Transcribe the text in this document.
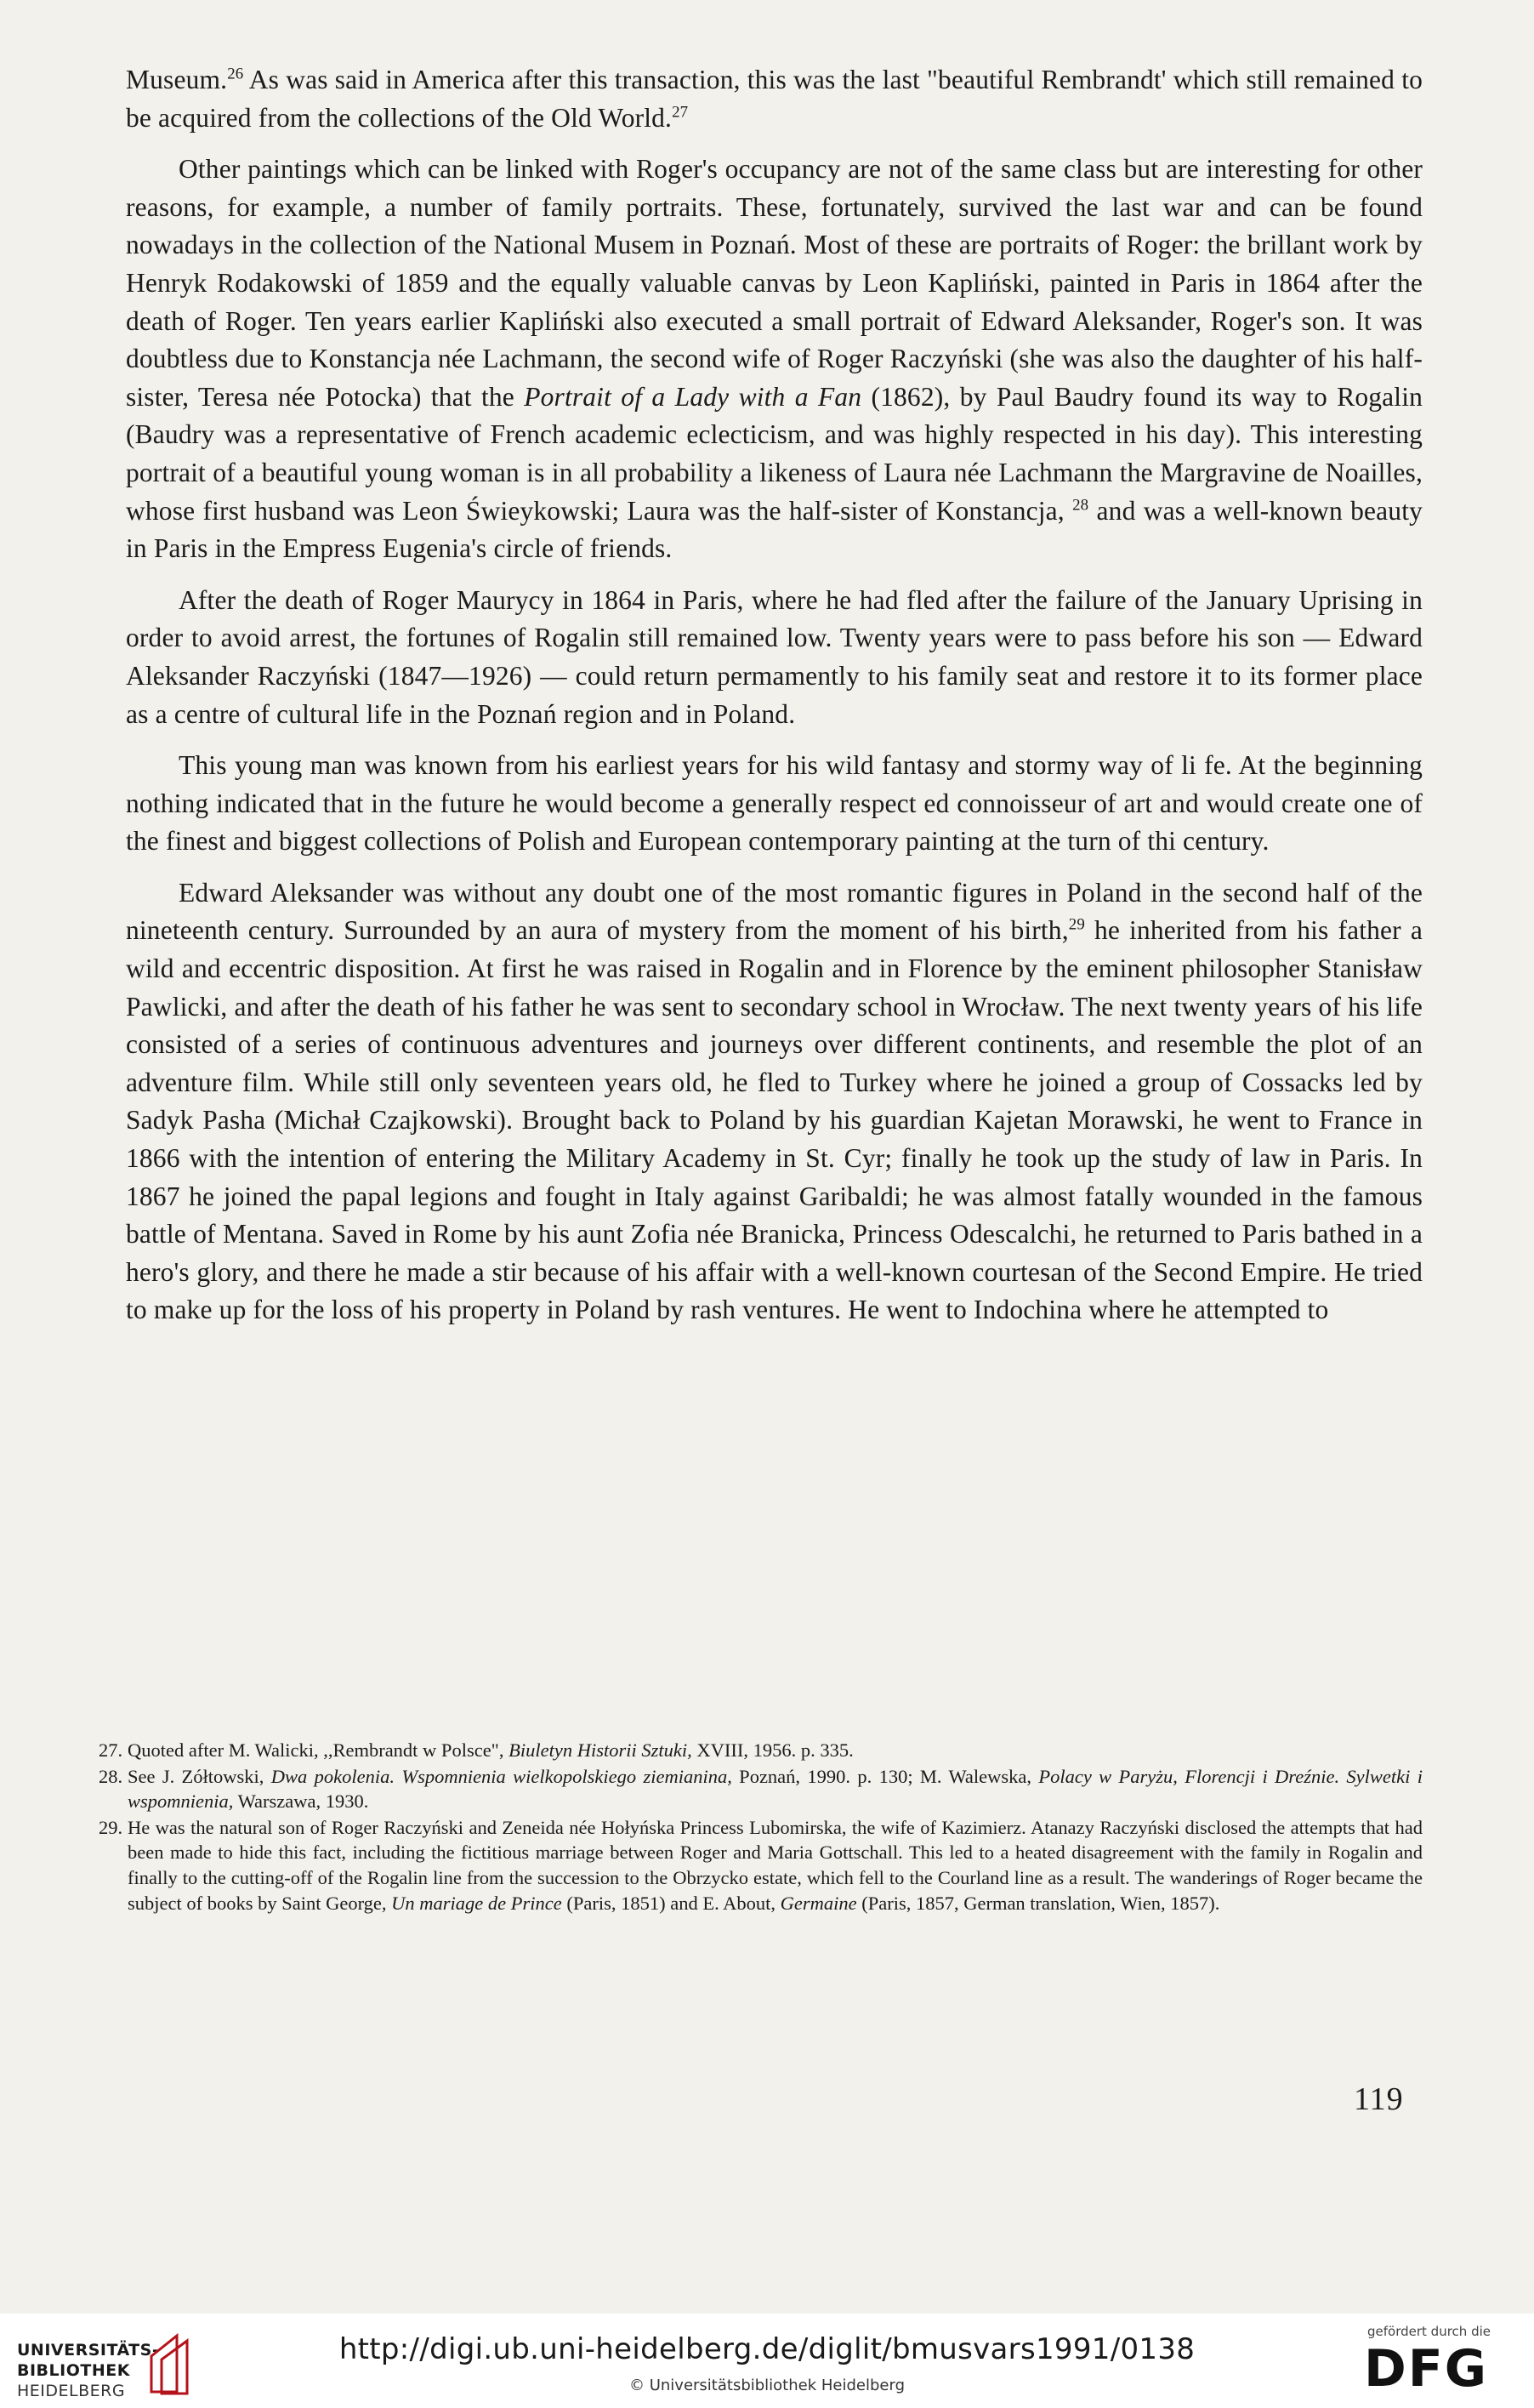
Museum.$^{26}$ As was said in America after this transaction, this was the last "beautiful Rembrandt' which still remained to be acquired from the collections of the Old World.$^{27}$

Other paintings which can be linked with Roger's occupancy are not of the same class but are interesting for other reasons, for example, a number of family portraits. These, fortunately, survived the last war and can be found nowadays in the collection of the National Musem in Poznań. Most of these are portraits of Roger: the brillant work by Henryk Rodakowski of 1859 and the equally valuable canvas by Leon Kapliński, painted in Paris in 1864 after the death of Roger. Ten years earlier Kapliński also executed a small portrait of Edward Aleksander, Roger's son. It was doubtless due to Konstancja née Lachmann, the second wife of Roger Raczyński (she was also the daughter of his half-sister, Teresa née Potocka) that the Portrait of a Lady with a Fan (1862), by Paul Baudry found its way to Rogalin (Baudry was a representative of French academic eclecticism, and was highly respected in his day). This interesting portrait of a beautiful young woman is in all probability a likeness of Laura née Lachmann the Margravine de Noailles, whose first husband was Leon Świeykowski; Laura was the half-sister of Konstancja, $^{28}$ and was a well-known beauty in Paris in the Empress Eugenia's circle of friends.

After the death of Roger Maurycy in 1864 in Paris, where he had fled after the failure of the January Uprising in order to avoid arrest, the fortunes of Rogalin still remained low. Twenty years were to pass before his son — Edward Aleksander Raczyński (1847—1926) — could return permamently to his family seat and restore it to its former place as a centre of cultural life in the Poznań region and in Poland.

This young man was known from his earliest years for his wild fantasy and stormy way of li fe. At the beginning nothing indicated that in the future he would become a generally respect ed connoisseur of art and would create one of the finest and biggest collections of Polish and European contemporary painting at the turn of thi century.

Edward Aleksander was without any doubt one of the most romantic figures in Poland in the second half of the nineteenth century. Surrounded by an aura of mystery from the moment of his birth,$^{29}$ he inherited from his father a wild and eccentric disposition. At first he was raised in Rogalin and in Florence by the eminent philosopher Stanisław Pawlicki, and after the death of his father he was sent to secondary school in Wrocław. The next twenty years of his life consisted of a series of continuous adventures and journeys over different continents, and resemble the plot of an adventure film. While still only seventeen years old, he fled to Turkey where he joined a group of Cossacks led by Sadyk Pasha (Michał Czajkowski). Brought back to Poland by his guardian Kajetan Morawski, he went to France in 1866 with the intention of entering the Military Academy in St. Cyr; finally he took up the study of law in Paris. In 1867 he joined the papal legions and fought in Italy against Garibaldi; he was almost fatally wounded in the famous battle of Mentana. Saved in Rome by his aunt Zofia née Branicka, Princess Odescalchi, he returned to Paris bathed in a hero's glory, and there he made a stir because of his affair with a well-known courtesan of the Second Empire. He tried to make up for the loss of his property in Poland by rash ventures. He went to Indochina where he attempted to

27. Quoted after M. Walicki, ,,Rembrandt w Polsce", Biuletyn Historii Sztuki, XVIII, 1956. p. 335.
28. See J. Zółtowski, Dwa pokolenia. Wspomnienia wielkopolskiego ziemianina, Poznań, 1990. p. 130; M. Walewska, Polacy w Paryżu, Florencji i Dreźnie. Sylwetki i wspomnienia, Warszawa, 1930.
29. He was the natural son of Roger Raczyński and Zeneida née Hołyńska Princess Lubomirska, the wife of Kazimierz. Atanazy Raczyński disclosed the attempts that had been made to hide this fact, including the fictitious marriage between Roger and Maria Gottschall. This led to a heated disagreement with the family in Rogalin and finally to the cutting-off of the Rogalin line from the succession to the Obrzycko estate, which fell to the Courland line as a result. The wanderings of Roger became the subject of books by Saint George, Un mariage de Prince (Paris, 1851) and E. About, Germaine (Paris, 1857, German translation, Wien, 1857).
119
UNIVERSITÄTS-
BIBLIOTHEK
HEIDELBERG
http://digi.ub.uni-heidelberg.de/diglit/bmusvars1991/0138
© Universitätsbibliothek Heidelberg
gefördert durch die
DFG
